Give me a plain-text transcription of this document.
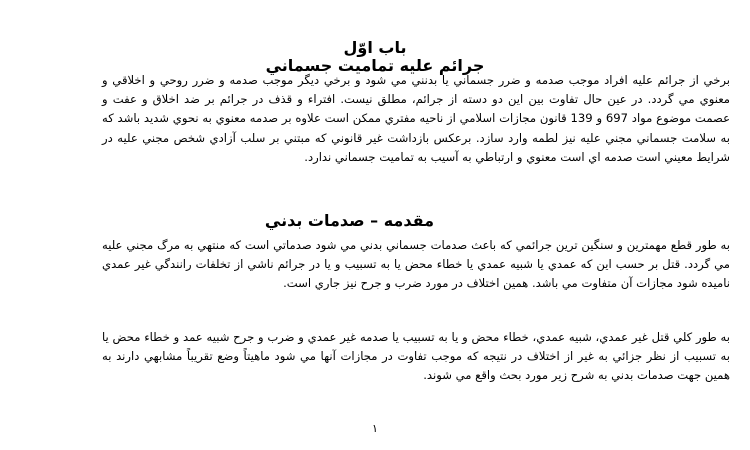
باب اوّل
جرائم عليه تماميت جسماني

برخي از جرائم عليه افراد موجب صدمه و ضرر جسماني يا بدنني مي شود و برخي ديگر موجب صدمه و ضرر روحي و اخلاقي و معنوي مي گردد. در عين حال تفاوت بين اين دو دسته از جرائم، مطلق نيست. افتراء و قذف در جرائم بر ضد اخلاق و عفت و عصمت موضوع مواد 697 و 139 قانون مجازات اسلامي از ناحيه مفتري ممكن است علاوه بر صدمه معنوي به نحوي شديد باشد كه به سلامت جسماني مجني عليه نيز لطمه وارد سازد. برعكس بازداشت غير قانوني كه مبتني بر سلب آزادي شخص مجني عليه در شرايط معيني است صدمه اي است معنوي و ارتباطي به آسيب به تماميت جسماني ندارد.

مقدمه – صدمات بدني

به طور قطع مهمترين و سنگين ترين جرائمي كه باعث صدمات جسماني بدني مي شود صدماتي است كه منتهي به مرگ مجني عليه مي گردد. قتل بر حسب اين كه عمدي يا شبيه عمدي يا خطاء محض يا به تسبيب و يا در جرائم ناشي از تخلفات رانندگي غير عمدي ناميده شود مجازات آن متفاوت مي باشد. همين اختلاف در مورد ضرب و جرح نيز جاري است.

به طور كلي قتل غير عمدي، شبيه عمدي، خطاء محض و يا به تسبيب يا صدمه غير عمدي و ضرب و جرح شبيه عمد و خطاء محض يا به تسبيب از نظر جزائي به غير از اختلاف در نتيجه كه موجب تفاوت در مجازات آنها مي شود ماهيتاً وضع تقريباً مشابهي دارند به همين جهت صدمات بدني به شرح زير مورد بحث واقع مي شوند.

١
